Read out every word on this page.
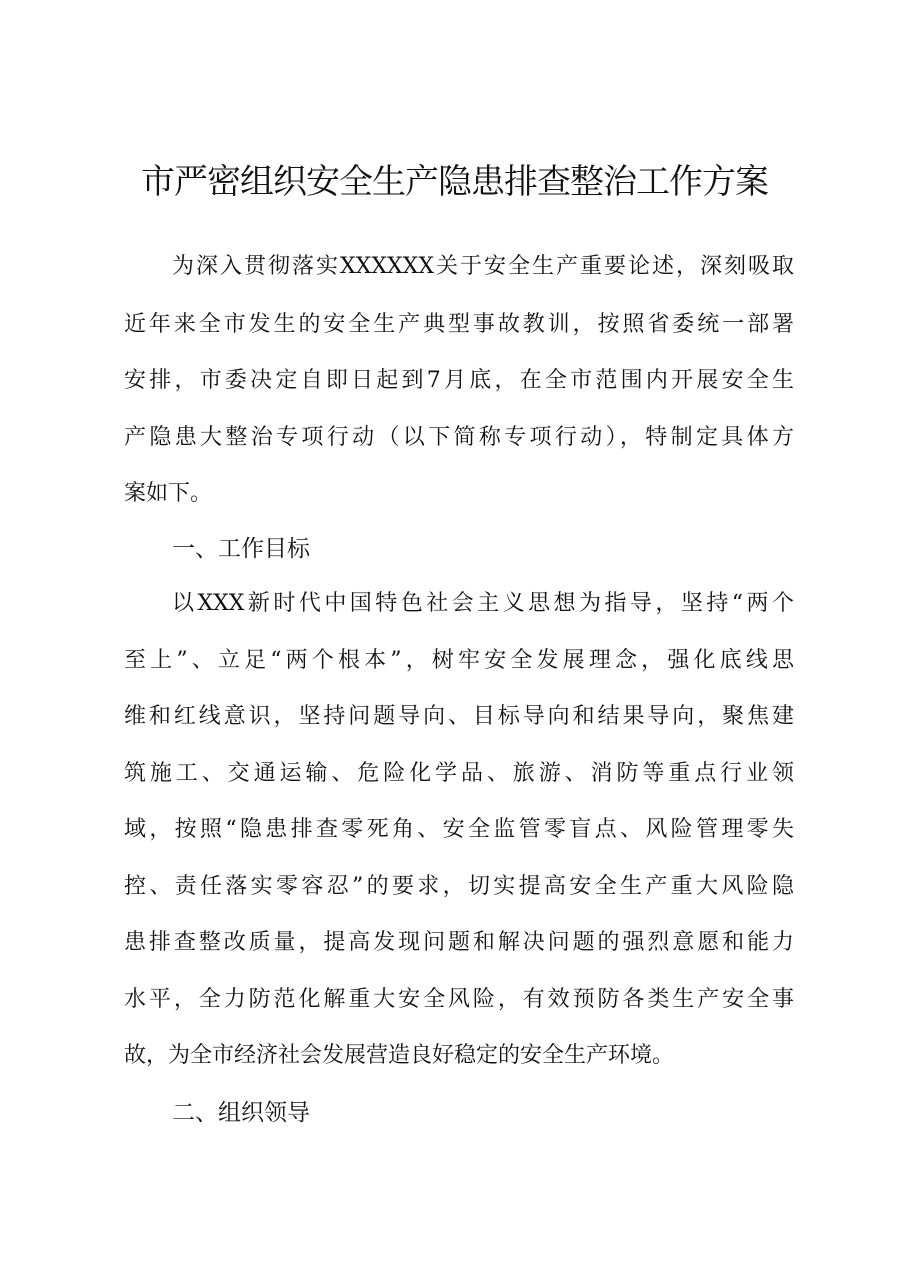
市严密组织安全生产隐患排查整治工作方案
为深入贯彻落实XXXXXX关于安全生产重要论述，深刻吸取
近年来全市发生的安全生产典型事故教训，按照省委统一部署
安排，市委决定自即日起到7月底，在全市范围内开展安全生
产隐患大整治专项行动（以下简称专项行动），特制定具体方
案如下。
一、工作目标
以XXX新时代中国特色社会主义思想为指导，坚持“两个
至上”、立足“两个根本”，树牢安全发展理念，强化底线思
维和红线意识，坚持问题导向、目标导向和结果导向，聚焦建
筑施工、交通运输、危险化学品、旅游、消防等重点行业领
域，按照“隐患排查零死角、安全监管零盲点、风险管理零失
控、责任落实零容忍”的要求，切实提高安全生产重大风险隐
患排查整改质量，提高发现问题和解决问题的强烈意愿和能力
水平，全力防范化解重大安全风险，有效预防各类生产安全事
故，为全市经济社会发展营造良好稳定的安全生产环境。
二、组织领导
